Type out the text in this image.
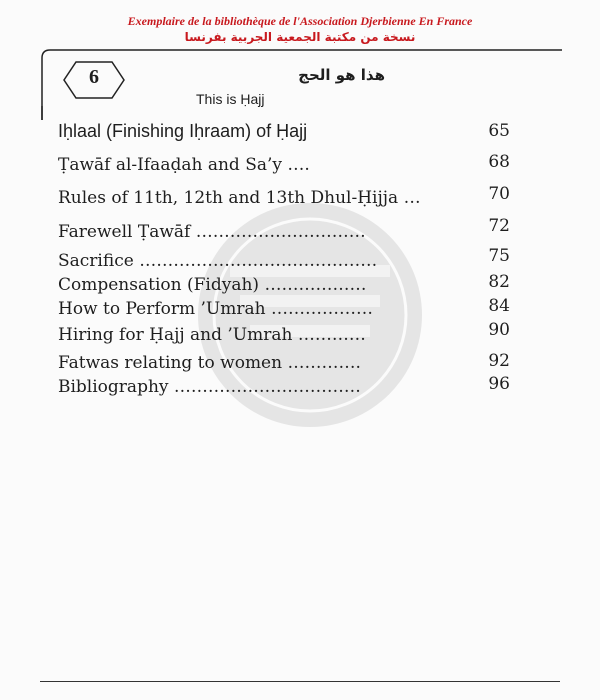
Exemplaire de la bibliothèque de l'Association Djerbienne En France
نسخة من مكتبة الجمعية الجربية بفرنسا
6	هذا هو الحج
This is Ḥajj
Iḥlaal (Finishing Iḥraam) of Ḥajj	65
Ṭawāf al-Ifaaḍah and Sa’y ….	68
Rules of 11th, 12th and 13th Dhul-Ḥijja …	70
Farewell Ṭawāf …………………………	72
Sacrifice ……………………………………	75
Compensation (Fidyah) ………………	82
How to Perform ’Umrah ………………	84
Hiring for Ḥajj and ’Umrah …………	90
Fatwas relating to women ………….	92
Bibliography ……………………………	96
